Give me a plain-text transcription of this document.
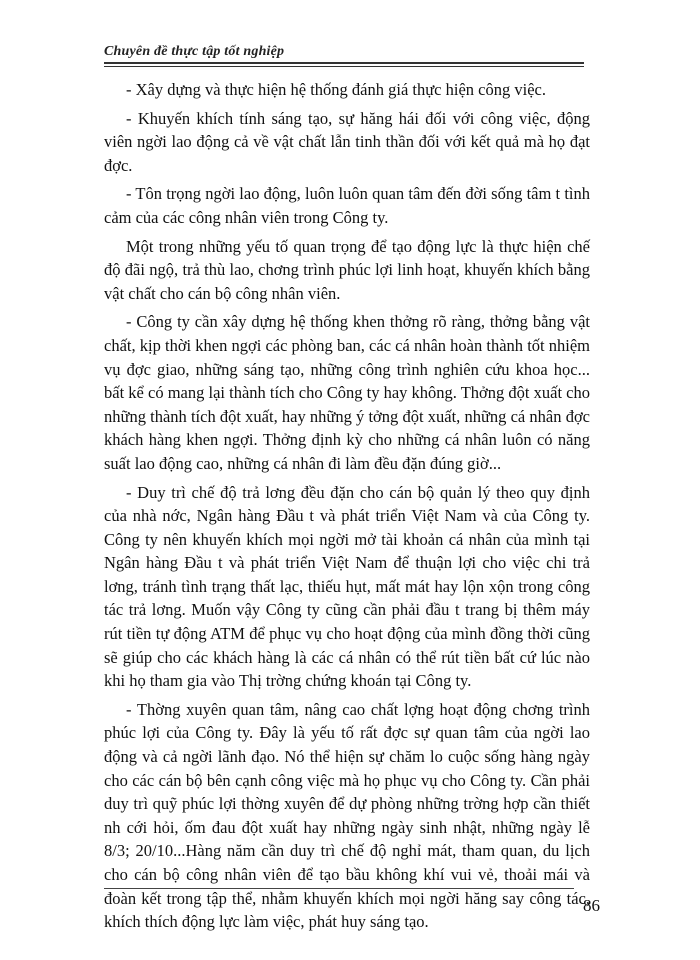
Chuyên đề thực tập tốt nghiệp

- Xây dựng và thực hiện hệ thống đánh giá thực hiện công việc.

- Khuyến khích tính sáng tạo, sự hăng hái đối với công việc, động viên ngời lao động cả về vật chất lẫn tinh thần đối với kết quả mà họ đạt đợc.

- Tôn trọng ngời lao động, luôn luôn quan tâm đến đời sống tâm t tình cảm của các công nhân viên trong Công ty.

Một trong những yếu tố quan trọng để tạo động lực là thực hiện chế độ đãi ngộ, trả thù lao, chơng trình phúc lợi linh hoạt, khuyến khích bằng vật chất cho cán bộ công nhân viên.

- Công ty cần xây dựng hệ thống khen thởng rõ ràng, thởng bằng vật chất, kịp thời khen ngợi các phòng ban, các cá nhân hoàn thành tốt nhiệm vụ đợc giao, những sáng tạo, những công trình nghiên cứu khoa học... bất kể có mang lại thành tích cho Công ty hay không. Thởng đột xuất cho những thành tích đột xuất, hay những ý tởng đột xuất, những cá nhân đợc khách hàng khen ngợi. Thởng định kỳ cho những cá nhân luôn có năng suất lao động cao, những cá nhân đi làm đều đặn đúng giờ...

- Duy trì chế độ trả lơng đều đặn cho cán bộ quản lý theo quy định của nhà nớc, Ngân hàng Đầu t và phát triển Việt Nam và của Công ty. Công ty nên khuyến khích mọi ngời mở tài khoản cá nhân của mình tại Ngân hàng Đầu t và phát triển Việt Nam để thuận lợi cho việc chi trả lơng, tránh tình trạng thất lạc, thiếu hụt, mất mát hay lộn xộn trong công tác trả lơng. Muốn vậy Công ty cũng cần phải đầu t trang bị thêm máy rút tiền tự động ATM để phục vụ cho hoạt động của mình đồng thời cũng sẽ giúp cho các khách hàng là các cá nhân có thể rút tiền bất cứ lúc nào khi họ tham gia vào Thị trờng chứng khoán tại Công ty.

- Thờng xuyên quan tâm, nâng cao chất lợng hoạt động chơng trình phúc lợi của Công ty. Đây là yếu tố rất đợc sự quan tâm của ngời lao động và cả ngời lãnh đạo. Nó thể hiện sự chăm lo cuộc sống hàng ngày cho các cán bộ bên cạnh công việc mà họ phục vụ cho Công ty. Cần phải duy trì quỹ phúc lợi thờng xuyên để dự phòng những trờng hợp cần thiết nh cới hỏi, ốm đau đột xuất hay những ngày sinh nhật, những ngày lễ 8/3; 20/10...Hàng năm cần duy trì chế độ nghỉ mát, tham quan, du lịch cho cán bộ công nhân viên để tạo bầu không khí vui vẻ, thoải mái và đoàn kết trong tập thể, nhằm khuyến khích mọi ngời hăng say công tác, khích thích động lực làm việc, phát huy sáng tạo.

86
